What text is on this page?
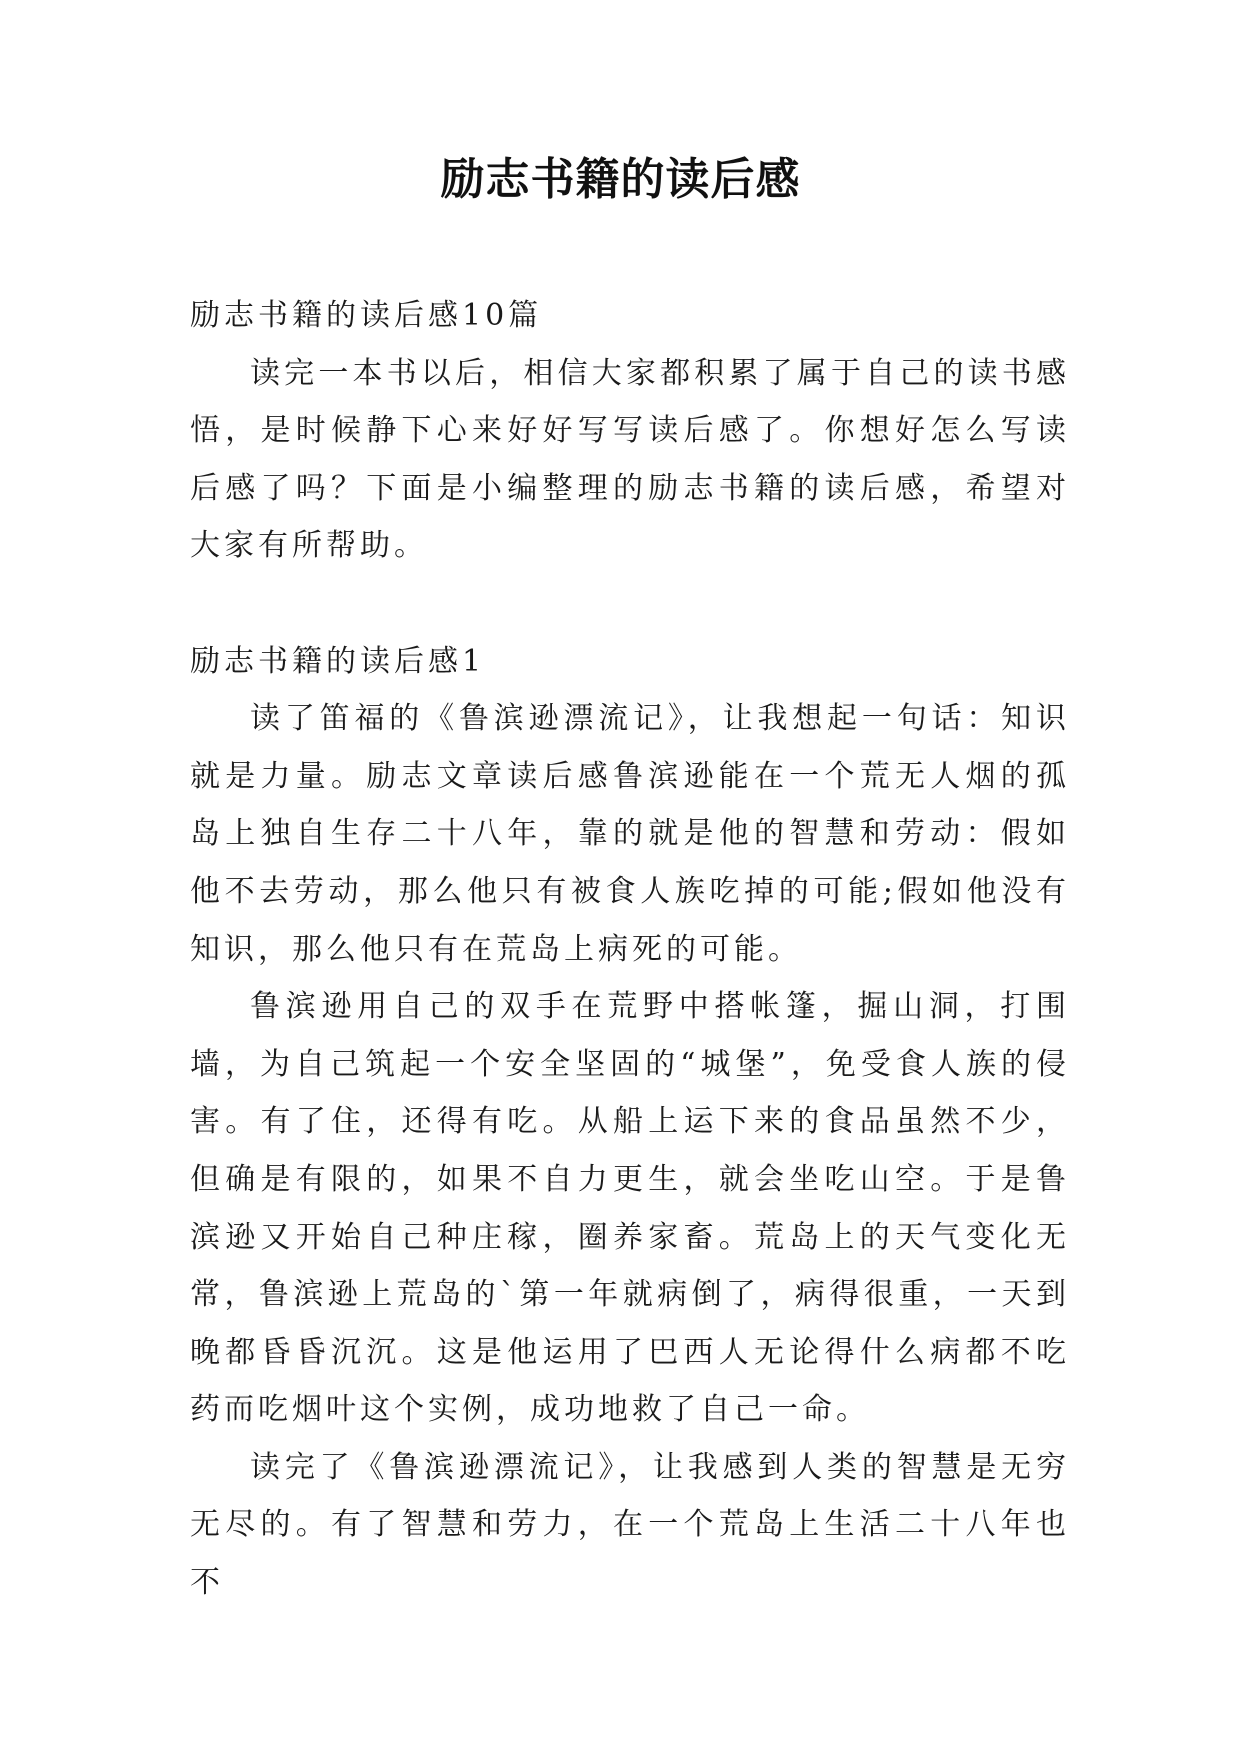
励志书籍的读后感

励志书籍的读后感10篇

读完一本书以后，相信大家都积累了属于自己的读书感悟，是时候静下心来好好写写读后感了。你想好怎么写读后感了吗？下面是小编整理的励志书籍的读后感，希望对大家有所帮助。

励志书籍的读后感1

读了笛福的《鲁滨逊漂流记》，让我想起一句话：知识就是力量。励志文章读后感鲁滨逊能在一个荒无人烟的孤岛上独自生存二十八年，靠的就是他的智慧和劳动：假如他不去劳动，那么他只有被食人族吃掉的可能;假如他没有知识，那么他只有在荒岛上病死的可能。

鲁滨逊用自己的双手在荒野中搭帐篷，掘山洞，打围墙，为自己筑起一个安全坚固的“城堡”，免受食人族的侵害。有了住，还得有吃。从船上运下来的食品虽然不少，但确是有限的，如果不自力更生，就会坐吃山空。于是鲁滨逊又开始自己种庄稼，圈养家畜。荒岛上的天气变化无常，鲁滨逊上荒岛的`第一年就病倒了，病得很重，一天到晚都昏昏沉沉。这是他运用了巴西人无论得什么病都不吃药而吃烟叶这个实例，成功地救了自己一命。

读完了《鲁滨逊漂流记》，让我感到人类的智慧是无穷无尽的。有了智慧和劳力，在一个荒岛上生活二十八年也不
